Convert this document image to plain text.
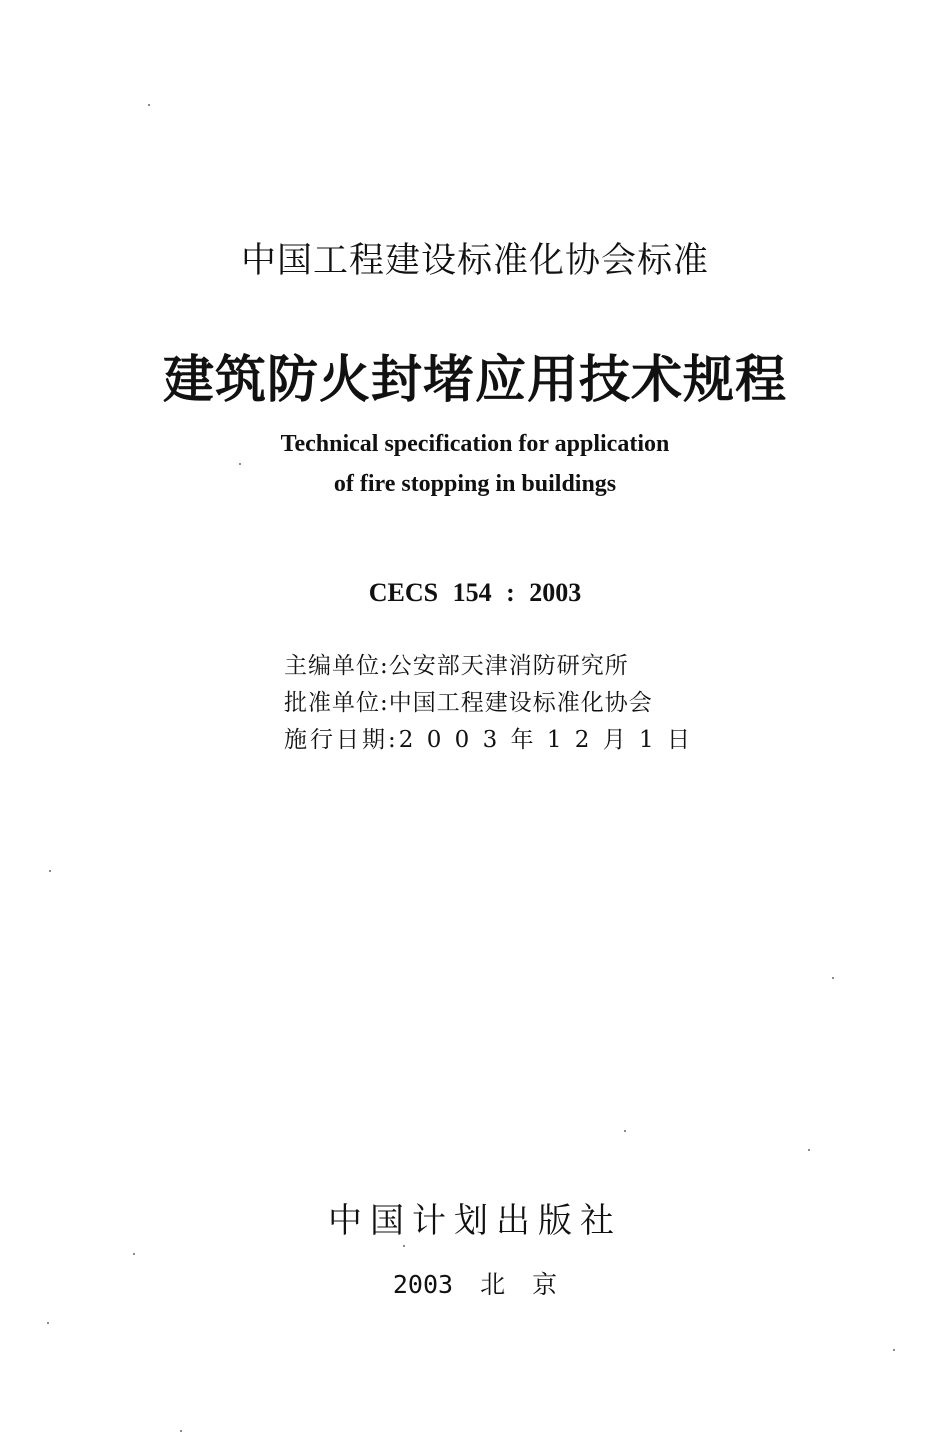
中国工程建设标准化协会标准
建筑防火封堵应用技术规程
Technical specification for application
of fire stopping in buildings
CECS 154 : 2003
主编单位:公安部天津消防研究所
批准单位:中国工程建设标准化协会
施行日期:2 0 0 3 年 1 2 月 1 日
中国计划出版社
2003 北 京
